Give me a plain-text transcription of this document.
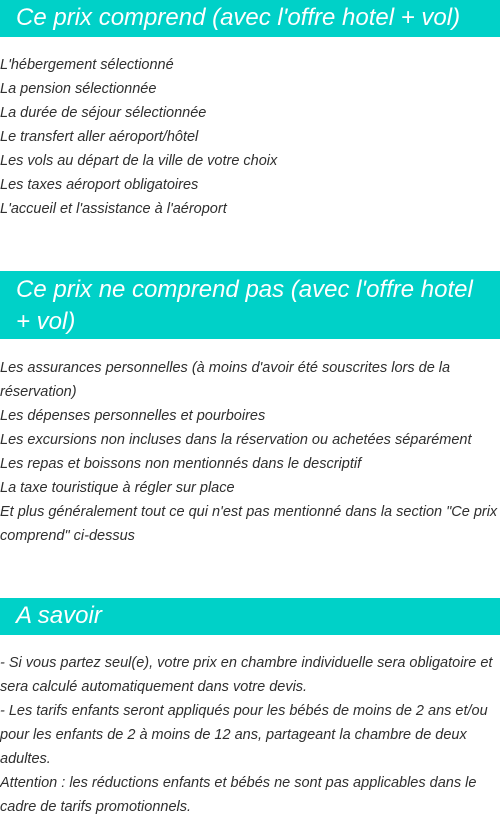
Ce prix comprend (avec l'offre hotel + vol)
L'hébergement sélectionné
La pension sélectionnée
La durée de séjour sélectionnée
Le transfert aller aéroport/hôtel
Les vols au départ de la ville de votre choix
Les taxes aéroport obligatoires
L'accueil et l'assistance à l'aéroport
Ce prix ne comprend pas (avec l'offre hotel + vol)
Les assurances personnelles (à moins d'avoir été souscrites lors de la réservation)
Les dépenses personnelles et pourboires
Les excursions non incluses dans la réservation ou achetées séparément
Les repas et boissons non mentionnés dans le descriptif
La taxe touristique à régler sur place
Et plus généralement tout ce qui n'est pas mentionné dans la section "Ce prix comprend" ci-dessus
A savoir
- Si vous partez seul(e), votre prix en chambre individuelle sera obligatoire et sera calculé automatiquement dans votre devis.
- Les tarifs enfants seront appliqués pour les bébés de moins de 2 ans et/ou pour les enfants de 2 à moins de 12 ans, partageant la chambre de deux adultes.
Attention : les réductions enfants et bébés ne sont pas applicables dans le cadre de tarifs promotionnels.
